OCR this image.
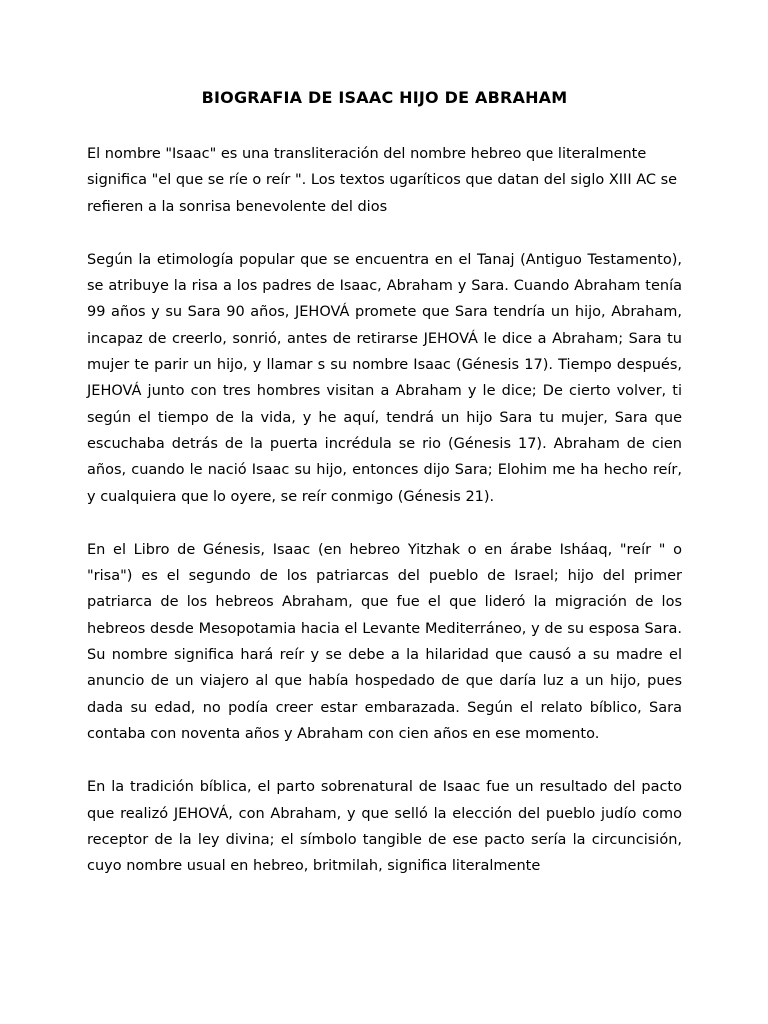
BIOGRAFIA DE ISAAC HIJO DE ABRAHAM

El nombre "Isaac" es una transliteración del nombre hebreo que literalmente significa "el que se ríe o reír ". Los textos ugaríticos que datan del siglo XIII AC se refieren a la sonrisa benevolente del dios

Según la etimología popular que se encuentra en el Tanaj (Antiguo Testamento), se atribuye la risa a los padres de Isaac, Abraham y Sara. Cuando Abraham tenía 99 años y su Sara 90 años, JEHOVÁ promete que Sara tendría un hijo, Abraham, incapaz de creerlo, sonrió, antes de retirarse JEHOVÁ le dice a Abraham; Sara tu mujer te parir un hijo, y llamar s su nombre Isaac (Génesis 17). Tiempo después, JEHOVÁ junto con tres hombres visitan a Abraham y le dice; De cierto volver, ti según el tiempo de la vida, y he aquí, tendrá un hijo Sara tu mujer, Sara que escuchaba detrás de la puerta incrédula se rio (Génesis 17). Abraham de cien años, cuando le nació Isaac su hijo, entonces dijo Sara; Elohim me ha hecho reír, y cualquiera que lo oyere, se reír conmigo (Génesis 21).

En el Libro de Génesis, Isaac (en hebreo Yitzhak o en árabe Isháaq, "reír " o "risa") es el segundo de los patriarcas del pueblo de Israel; hijo del primer patriarca de los hebreos Abraham, que fue el que lideró la migración de los hebreos desde Mesopotamia hacia el Levante Mediterráneo, y de su esposa Sara. Su nombre significa hará reír y se debe a la hilaridad que causó a su madre el anuncio de un viajero al que había hospedado de que daría luz a un hijo, pues dada su edad, no podía creer estar embarazada. Según el relato bíblico, Sara contaba con noventa años y Abraham con cien años en ese momento.

En la tradición bíblica, el parto sobrenatural de Isaac fue un resultado del pacto que realizó JEHOVÁ, con Abraham, y que selló la elección del pueblo judío como receptor de la ley divina; el símbolo tangible de ese pacto sería la circuncisión, cuyo nombre usual en hebreo, britmilah, significa literalmente
